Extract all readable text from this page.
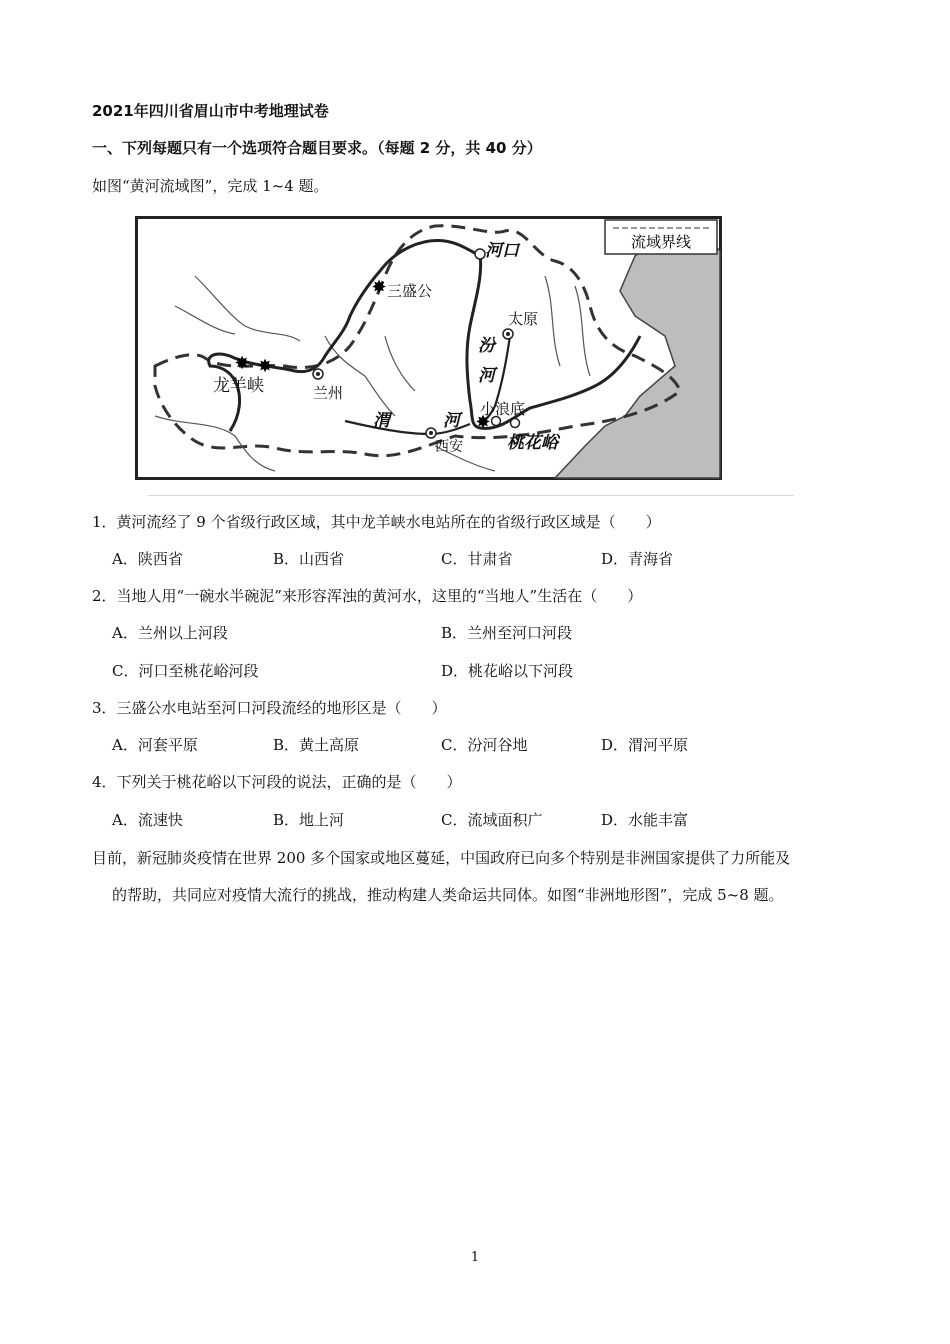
2021年四川省眉山市中考地理试卷
一、下列每题只有一个选项符合题目要求。（每题 2 分，共 40 分）
如图“黄河流域图”，完成 1~4 题。
流域界线
✸
✸ ✸
✸
河口
三盛公
太原
汾
河
龙羊峡	兰州
渭	河
小浪底
西安	桃花峪
1．黄河流经了 9 个省级行政区域，其中龙羊峡水电站所在的省级行政区域是（　　）
A．陕西省	B．山西省	C．甘肃省	D．青海省
2．当地人用“一碗水半碗泥”来形容浑浊的黄河水，这里的“当地人”生活在（　　）
A．兰州以上河段	B．兰州至河口河段
C．河口至桃花峪河段	D．桃花峪以下河段
3．三盛公水电站至河口河段流经的地形区是（　　）
A．河套平原	B．黄土高原	C．汾河谷地	D．渭河平原
4．下列关于桃花峪以下河段的说法，正确的是（　　）
A．流速快	B．地上河	C．流域面积广	D．水能丰富
目前，新冠肺炎疫情在世界 200 多个国家或地区蔓延，中国政府已向多个特别是非洲国家提供了力所能及
的帮助，共同应对疫情大流行的挑战，推动构建人类命运共同体。如图“非洲地形图”，完成 5~8 题。
1
